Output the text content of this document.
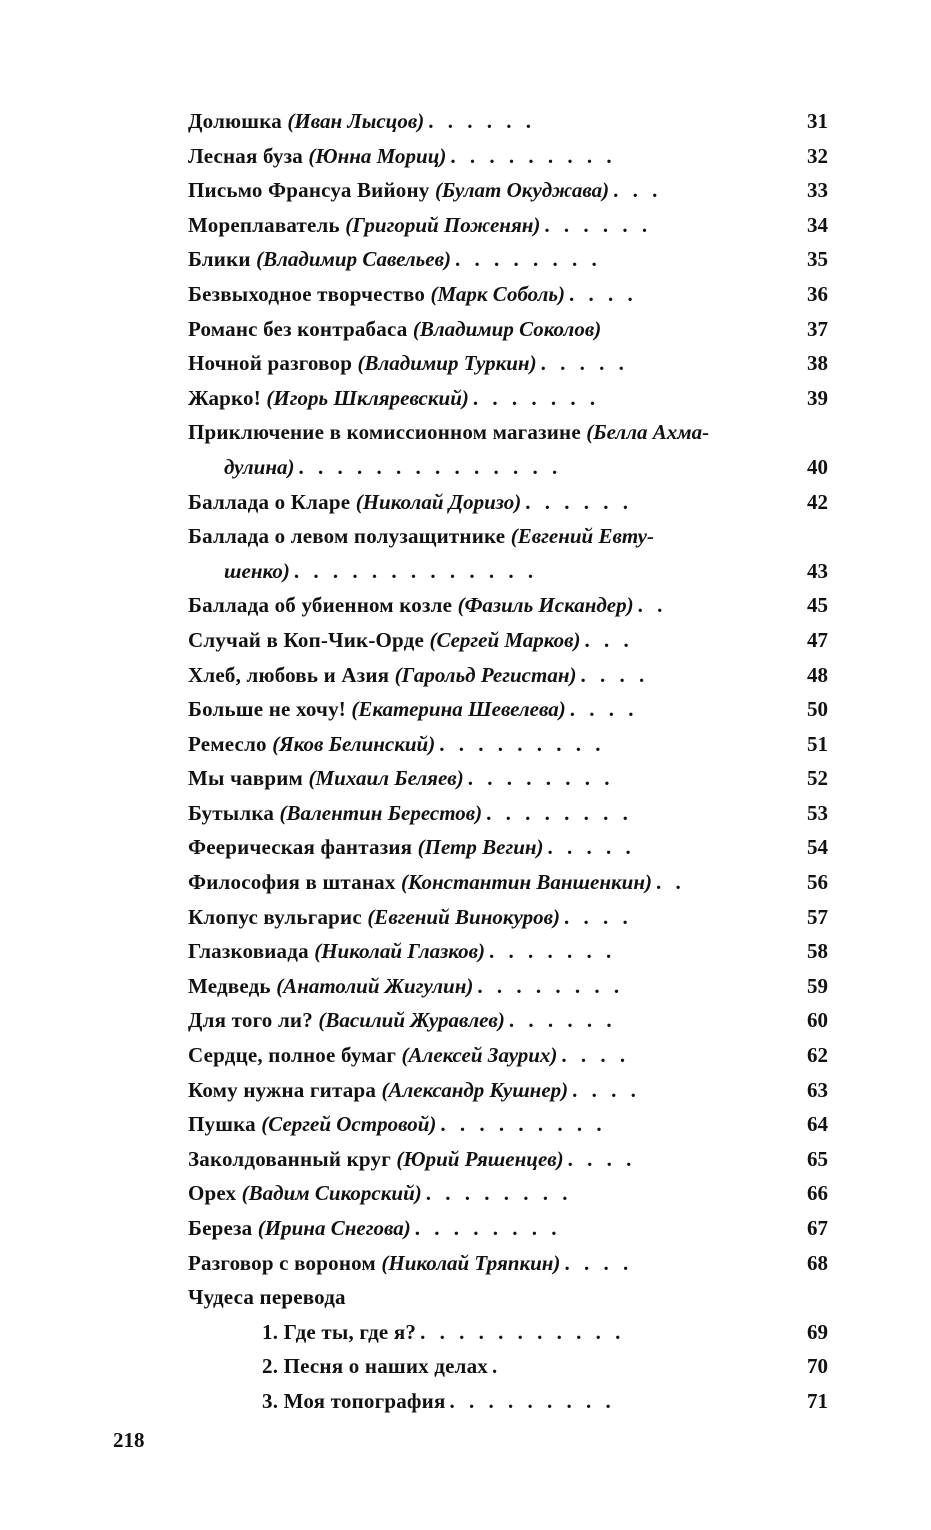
Долюшка (Иван Лысцов) . . . . . .	31
Лесная буза (Юнна Мориц) . . . . . . . . .	32
Письмо Франсуа Вийону (Булат Окуджава) . . .	33
Мореплаватель (Григорий Поженян) . . . . . .	34
Блики (Владимир Савельев) . . . . . . . .	35
Безвыходное творчество (Марк Соболь) . . . .	36
Романс без контрабаса (Владимир Соколов)	37
Ночной разговор (Владимир Туркин) . . . . .	38
Жарко! (Игорь Шкляревский) . . . . . . .	39
Приключение в комиссионном магазине (Белла Ахма-
дулина) . . . . . . . . . . . . . .	40
Баллада о Кларе (Николай Доризо) . . . . . .	42
Баллада о левом полузащитнике (Евгений Евту-
шенко) . . . . . . . . . . . . .	43
Баллада об убиенном козле (Фазиль Искандер) . .	45
Случай в Коп-Чик-Орде (Сергей Марков) . . .	47
Хлеб, любовь и Азия (Гарольд Регистан) . . . .	48
Больше не хочу! (Екатерина Шевелева) . . . .	50
Ремесло (Яков Белинский) . . . . . . . . .	51
Мы чаврим (Михаил Беляев) . . . . . . . .	52
Бутылка (Валентин Берестов) . . . . . . . .	53
Феерическая фантазия (Петр Вегин) . . . . .	54
Философия в штанах (Константин Ваншенкин) . .	56
Клопус вульгарис (Евгений Винокуров) . . . .	57
Глазковиада (Николай Глазков) . . . . . . .	58
Медведь (Анатолий Жигулин) . . . . . . . .	59
Для того ли? (Василий Журавлев) . . . . . .	60
Сердце, полное бумаг (Алексей Заурих) . . . .	62
Кому нужна гитара (Александр Кушнер) . . . .	63
Пушка (Сергей Островой) . . . . . . . . .	64
Заколдованный круг (Юрий Ряшенцев) . . . .	65
Орех (Вадим Сикорский) . . . . . . . .	66
Береза (Ирина Снегова) . . . . . . . .	67
Разговор с вороном (Николай Тряпкин) . . . .	68
Чудеса перевода
1. Где ты, где я? . . . . . . . . . . .	69
2. Песня о наших делах .	70
3. Моя топография . . . . . . . . .	71
218
